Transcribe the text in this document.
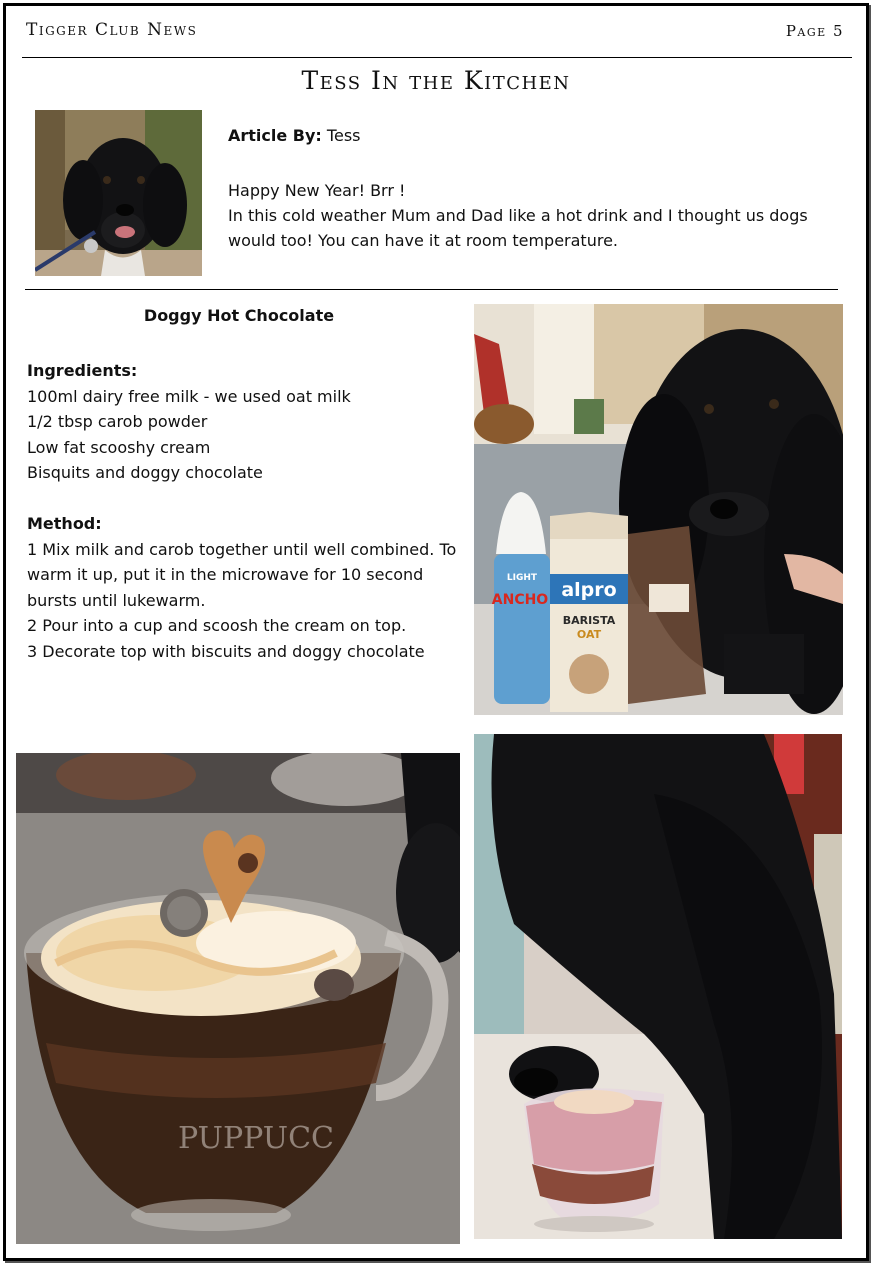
Tigger Club News	Page 5
Tess In the Kitchen
Article By: Tess
Happy New Year! Brr !
In this cold weather Mum and Dad like a hot drink and I thought us dogs would too! You can have it at room temperature.
Doggy Hot Chocolate
Ingredients:
100ml dairy free milk - we used oat milk
1/2 tbsp carob powder
Low fat scooshy cream
Bisquits and doggy chocolate
Method:
1 Mix milk and carob together until well combined. To warm it up, put it in the microwave for 10 second bursts until lukewarm.
2 Pour into a cup and scoosh the cream on top.
3 Decorate top with biscuits and doggy chocolate
LIGHT
ANCHO alpro
BARISTA
OAT
PUPPUCC
